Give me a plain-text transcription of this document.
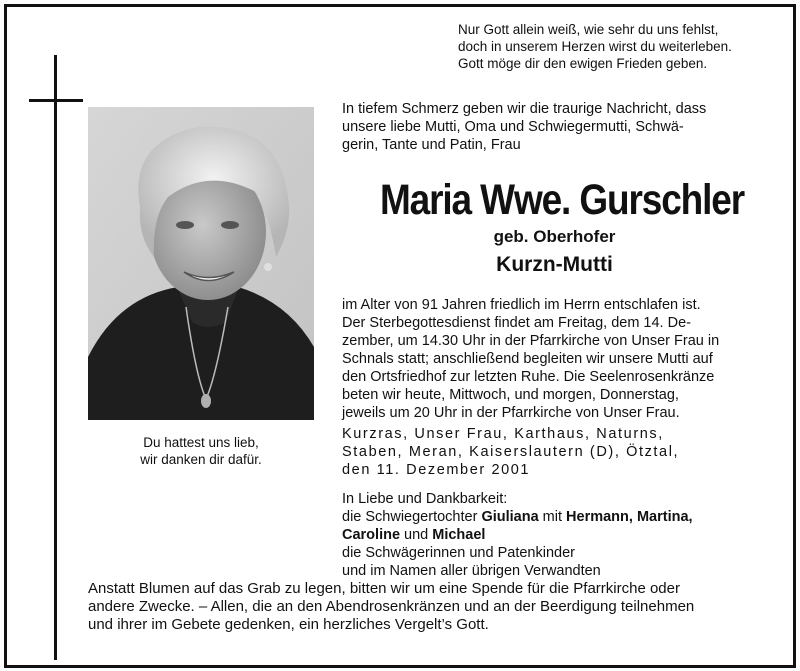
Nur Gott allein weiß, wie sehr du uns fehlst,
doch in unserem Herzen wirst du weiterleben.
Gott möge dir den ewigen Frieden geben.
Du hattest uns lieb,
wir danken dir dafür.
In tiefem Schmerz geben wir die traurige Nachricht, dass
unsere liebe Mutti, Oma und Schwiegermutti, Schwä-
gerin, Tante und Patin, Frau
Maria Wwe. Gurschler
geb. Oberhofer
Kurzn-Mutti
im Alter von 91 Jahren friedlich im Herrn entschlafen ist.
Der Sterbegottesdienst findet am Freitag, dem 14. De-
zember, um 14.30 Uhr in der Pfarrkirche von Unser Frau in
Schnals statt; anschließend begleiten wir unsere Mutti auf
den Ortsfriedhof zur letzten Ruhe. Die Seelenrosenkränze
beten wir heute, Mittwoch, und morgen, Donnerstag,
jeweils um 20 Uhr in der Pfarrkirche von Unser Frau.
Kurzras, Unser Frau, Karthaus, Naturns,
Staben, Meran, Kaiserslautern (D), Ötztal,
den 11. Dezember 2001
In Liebe und Dankbarkeit:
die Schwiegertochter Giuliana mit Hermann, Martina,
Caroline und Michael
die Schwägerinnen und Patenkinder
und im Namen aller übrigen Verwandten
Anstatt Blumen auf das Grab zu legen, bitten wir um eine Spende für die Pfarrkirche oder
andere Zwecke. – Allen, die an den Abendrosenkränzen und an der Beerdigung teilnehmen
und ihrer im Gebete gedenken, ein herzliches Vergelt’s Gott.
